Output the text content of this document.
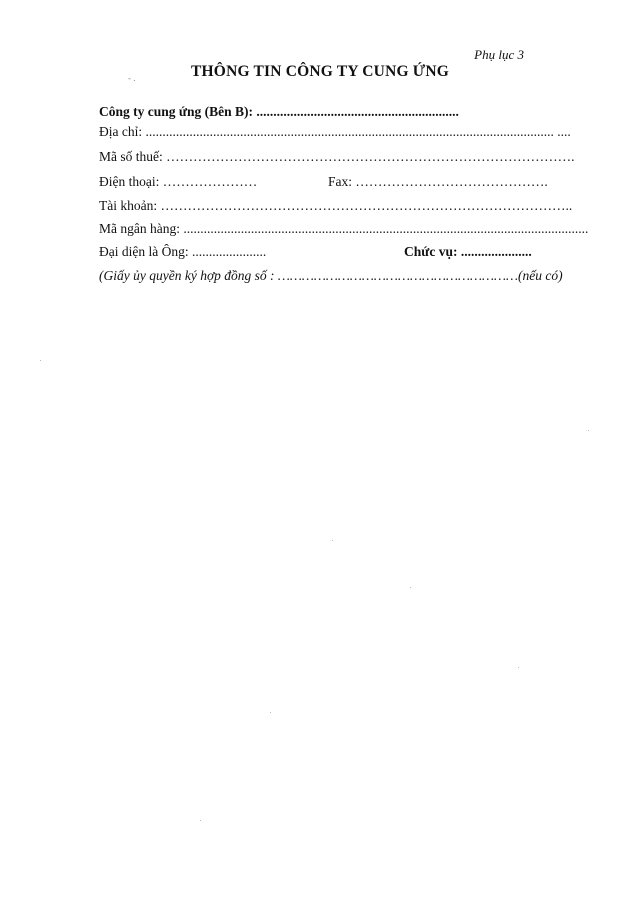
Phụ lục 3
- .	THÔNG TIN CÔNG TY CUNG ỨNG
Công ty cung ứng (Bên B): ............................................................
Địa chỉ: ......................................................................................................................... ....
Mã số thuế: ……………………………………………………………………………….
Điện thoại: …………………	Fax: …………………………………….
Tài khoản: ………………………………………………………………………………..
Mã ngân hàng: ........................................................................................................................
Đại diện là Ông: ......................	Chức vụ: .....................
(Giấy ủy quyền ký hợp đồng số : ……………………………………………………(nếu có)
